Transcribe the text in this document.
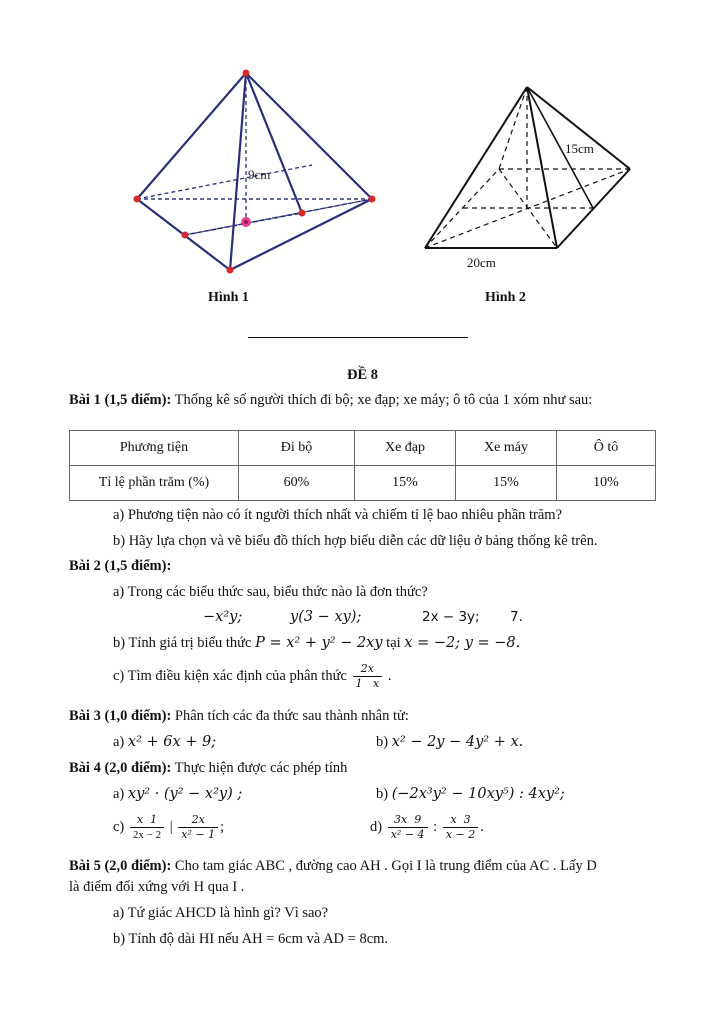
9cm
15cm
20cm
Hình 1	Hình 2
ĐỀ 8
Bài 1 (1,5 điểm): Thống kê số người thích đi bộ; xe đạp; xe máy; ô tô của 1 xóm như sau:
Phương tiện	Đi bộ	Xe đạp	Xe máy	Ô tô
Tỉ lệ phần trăm (%)	60%	15%	15%	10%
a) Phương tiện nào có ít người thích nhất và chiếm tỉ lệ bao nhiêu phần trăm?
b) Hãy lựa chọn và vẽ biểu đồ thích hợp biểu diễn các dữ liệu ở bảng thống kê trên.
Bài 2 (1,5 điểm):
a) Trong các biểu thức sau, biểu thức nào là đơn thức?
−x²y;	y(3 − xy);	2x − 3y; 7.
b) Tính giá trị biểu thức P = x² + y² − 2xy tại x = −2; y = −8.
c) Tìm điều kiện xác định của phân thức $\frac{2x}{1 x}$ .
Bài 3 (1,0 điểm): Phân tích các đa thức sau thành nhân tử:
a) x² + 6x + 9;	b) x² − 2y − 4y² + x.
Bài 4 (2,0 điểm): Thực hiện được các phép tính
a) xy² · (y² − x²y) ;	b) (−2x³y² − 10xy⁵) : 4xy²;
$c) \frac{x 1}{2x - 2}$ | $\frac{2x}{\text{x² − 1}}$ ;	$d) \frac{3x 9}{\text{x² − 4}}$ : $\frac{x 3}{x - 2}$ .
Bài 5 (2,0 điểm): Cho tam giác ABC , đường cao AH . Gọi I là trung điểm của AC . Lấy D
là điểm đối xứng với H qua I .
a) Tứ giác AHCD là hình gì? Vì sao?
b) Tính độ dài HI nếu AH = 6cm và AD = 8cm.
